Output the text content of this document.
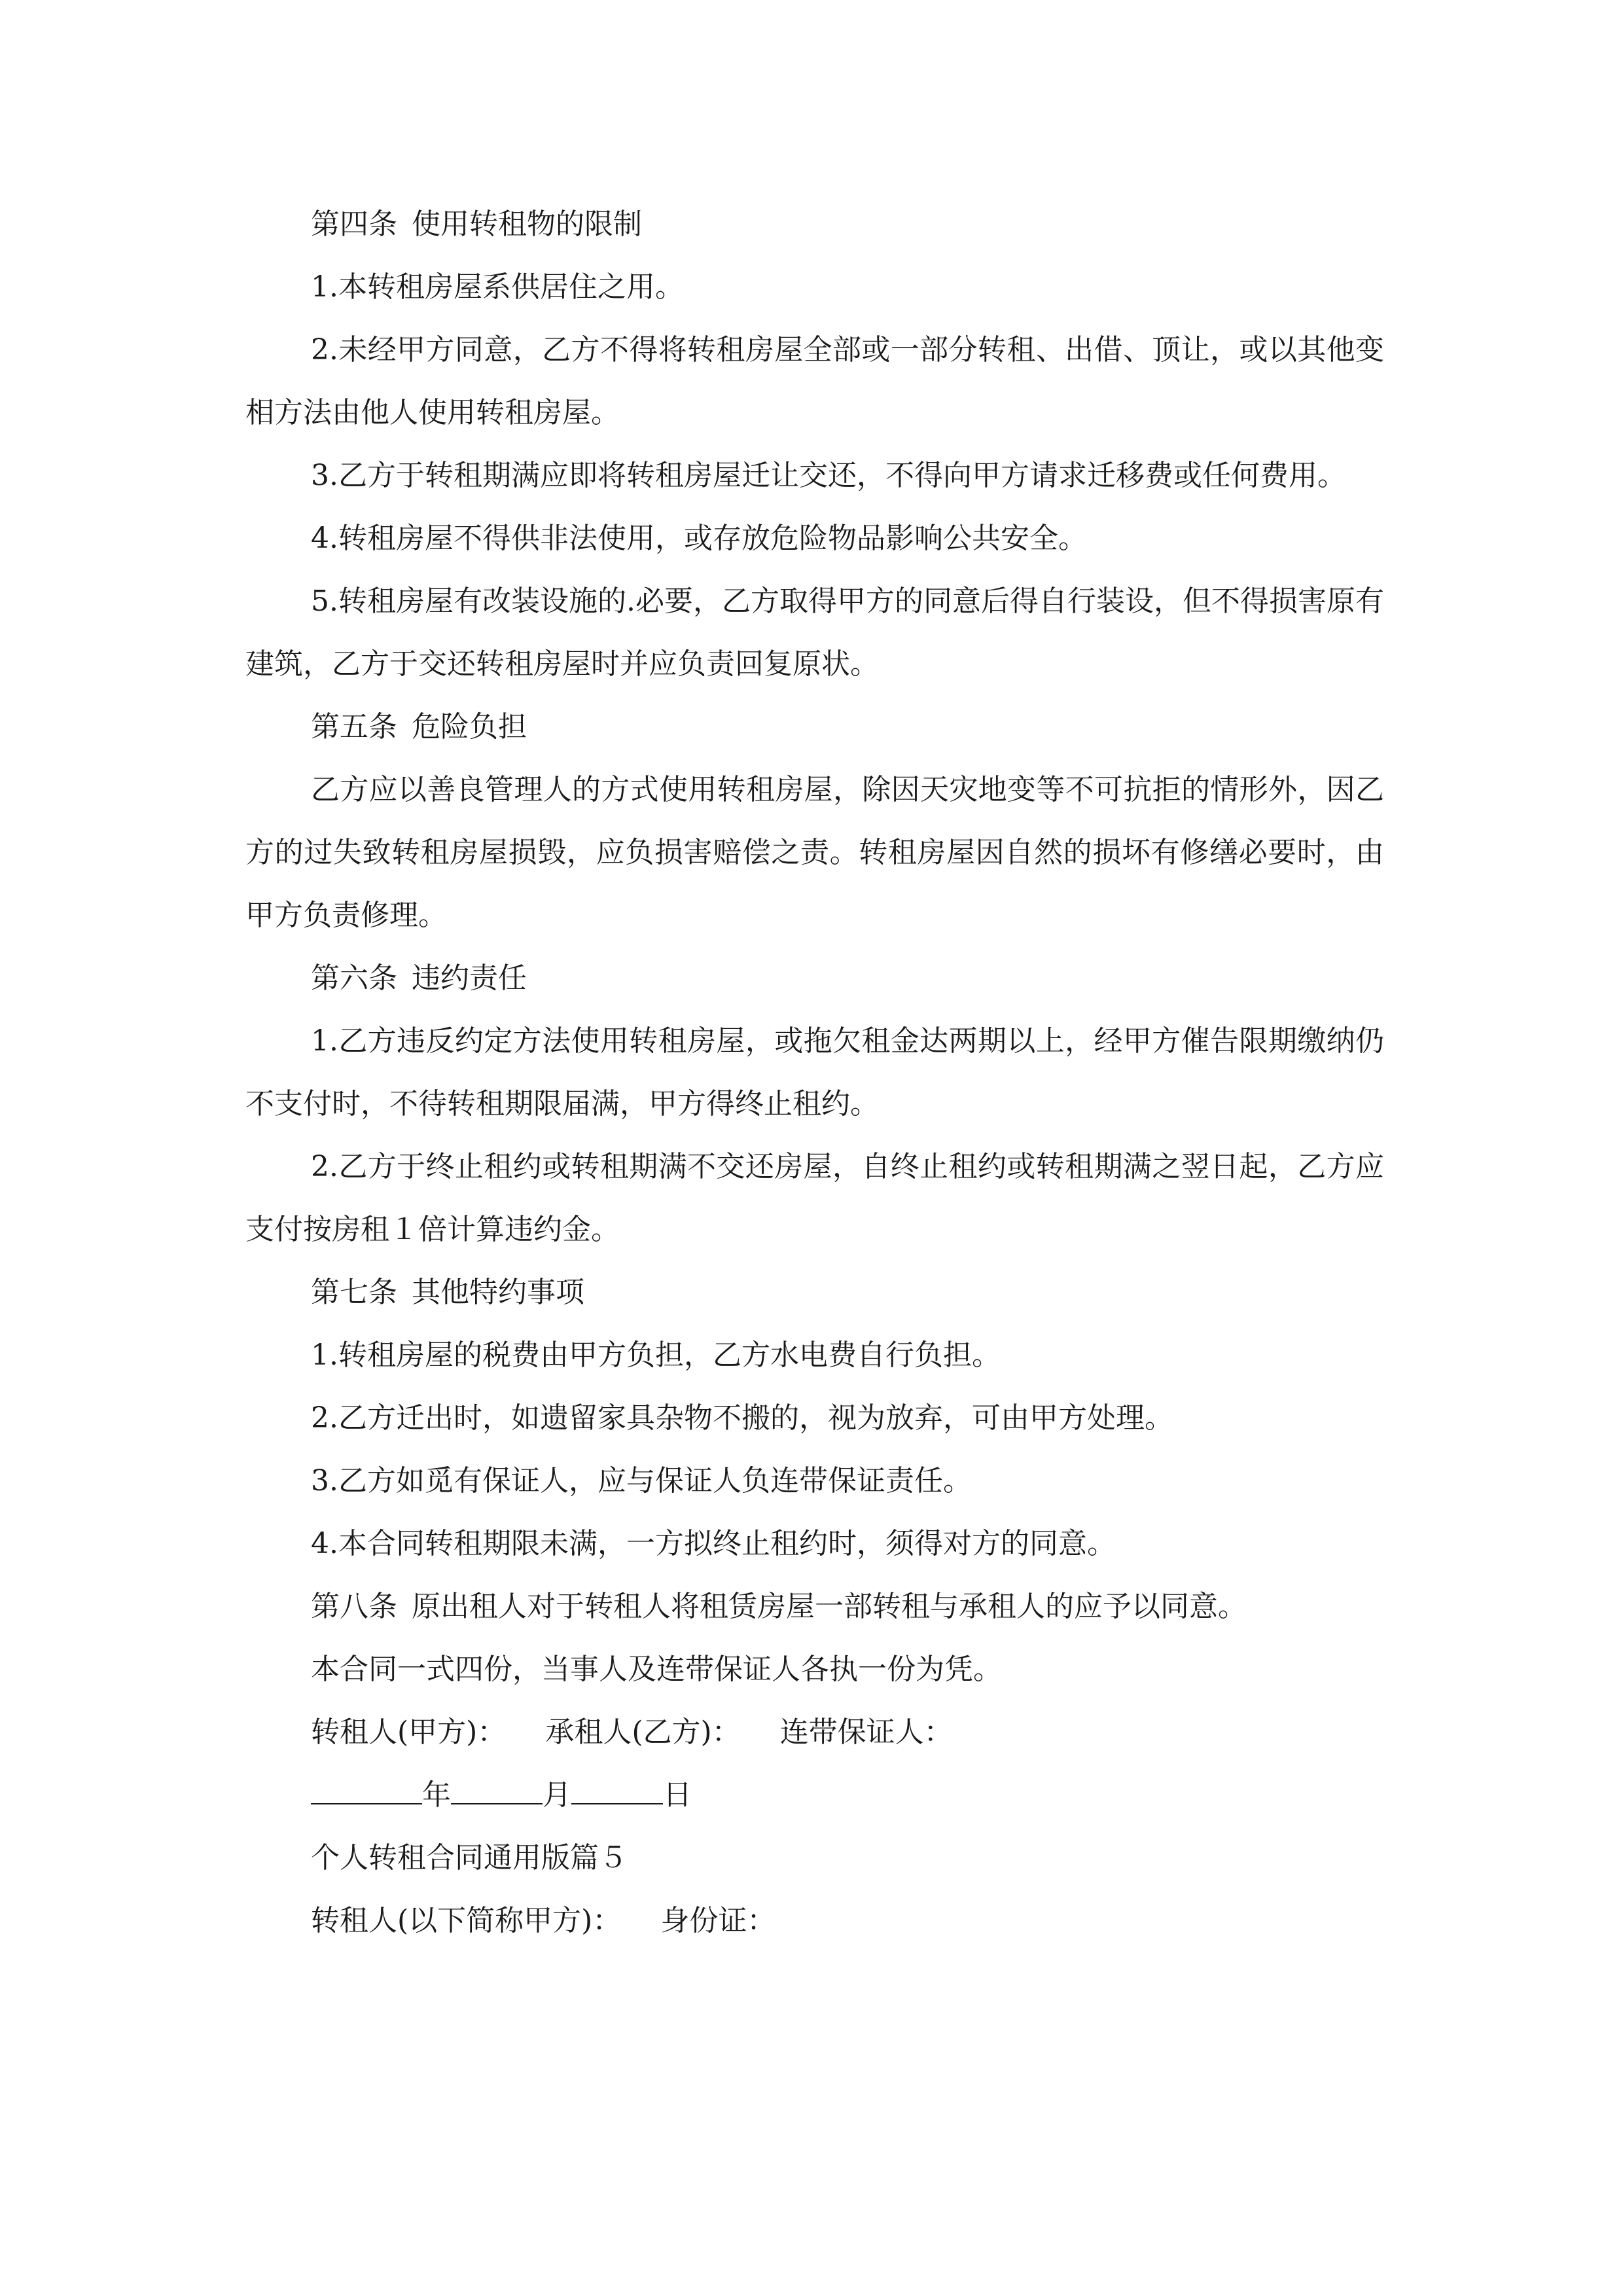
第四条 使用转租物的限制

1.本转租房屋系供居住之用。

2.未经甲方同意，乙方不得将转租房屋全部或一部分转租、出借、顶让，或以其他变相方法由他人使用转租房屋。

3.乙方于转租期满应即将转租房屋迁让交还，不得向甲方请求迁移费或任何费用。

4.转租房屋不得供非法使用，或存放危险物品影响公共安全。

5.转租房屋有改装设施的.必要，乙方取得甲方的同意后得自行装设，但不得损害原有建筑，乙方于交还转租房屋时并应负责回复原状。

第五条 危险负担

乙方应以善良管理人的方式使用转租房屋，除因天灾地变等不可抗拒的情形外，因乙方的过失致转租房屋损毁，应负损害赔偿之责。转租房屋因自然的损坏有修缮必要时，由甲方负责修理。

第六条 违约责任

1.乙方违反约定方法使用转租房屋，或拖欠租金达两期以上，经甲方催告限期缴纳仍不支付时，不待转租期限届满，甲方得终止租约。

2.乙方于终止租约或转租期满不交还房屋，自终止租约或转租期满之翌日起，乙方应支付按房租１倍计算违约金。

第七条 其他特约事项

1.转租房屋的税费由甲方负担，乙方水电费自行负担。

2.乙方迁出时，如遗留家具杂物不搬的，视为放弃，可由甲方处理。

3.乙方如觅有保证人，应与保证人负连带保证责任。

4.本合同转租期限未满，一方拟终止租约时，须得对方的同意。

第八条 原出租人对于转租人将租赁房屋一部转租与承租人的应予以同意。

本合同一式四份，当事人及连带保证人各执一份为凭。

转租人(甲方)： 承租人(乙方)： 连带保证人：

年	月	日

个人转租合同通用版篇５

转租人(以下简称甲方)： 身份证：
